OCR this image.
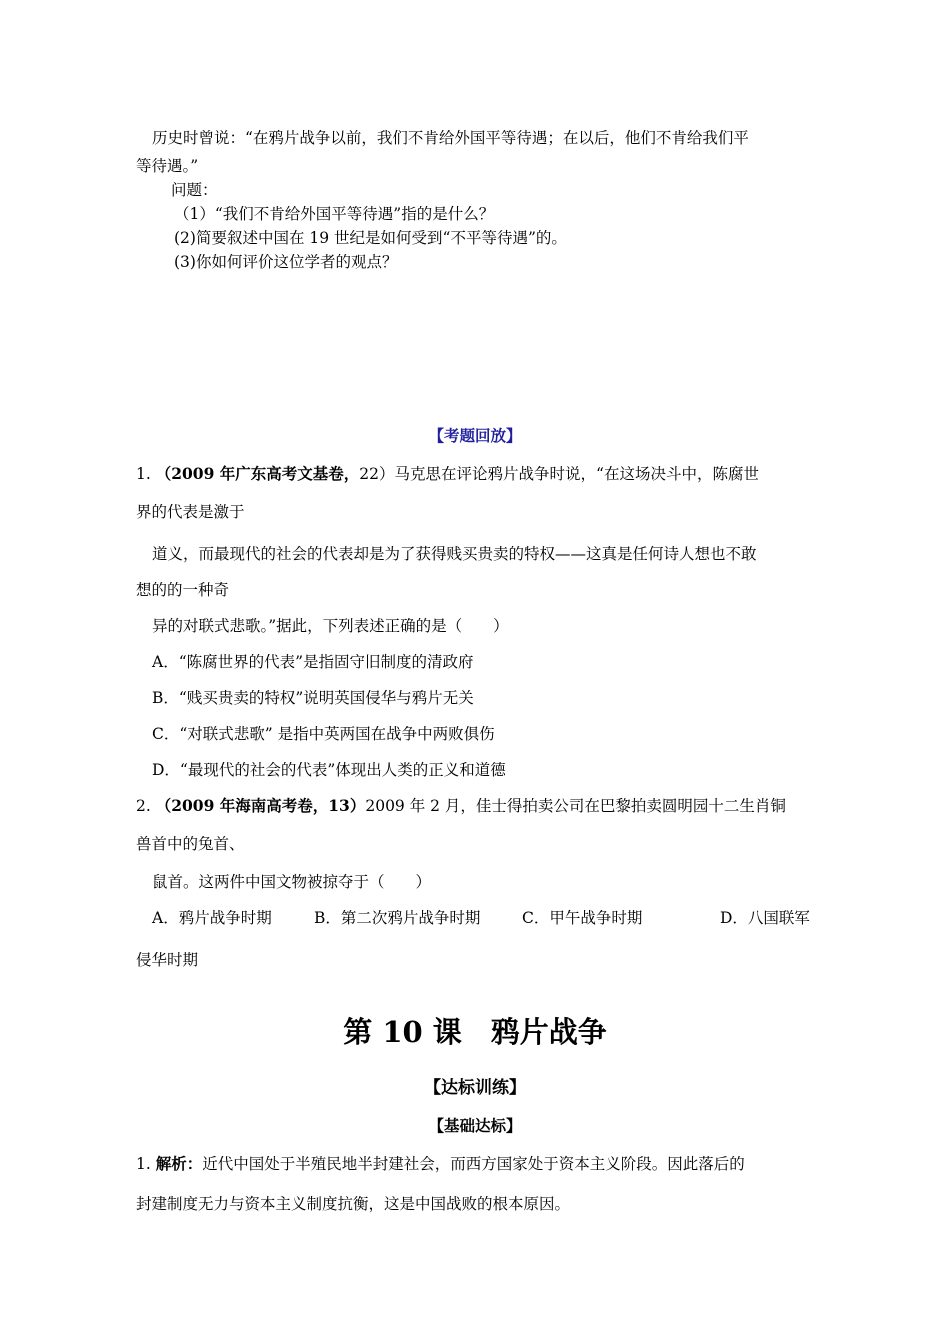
历史时曾说：“在鸦片战争以前，我们不肯给外国平等待遇；在以后，他们不肯给我们平
等待遇。”
问题：
（1）“我们不肯给外国平等待遇”指的是什么？
(2)简要叙述中国在 19 世纪是如何受到“不平等待遇”的。
(3)你如何评价这位学者的观点？
【考题回放】
1. （2009 年广东高考文基卷，22）马克思在评论鸦片战争时说，“在这场决斗中，陈腐世
界的代表是激于
道义，而最现代的社会的代表却是为了获得贱买贵卖的特权——这真是任何诗人想也不敢
想的的一种奇
异的对联式悲歌。”据此，下列表述正确的是（　　）
A．“陈腐世界的代表”是指固守旧制度的清政府
B．“贱买贵卖的特权”说明英国侵华与鸦片无关
C．“对联式悲歌” 是指中英两国在战争中两败俱伤
D．“最现代的社会的代表”体现出人类的正义和道德
2. （2009 年海南高考卷，13）2009 年 2 月，佳士得拍卖公司在巴黎拍卖圆明园十二生肖铜
兽首中的兔首、
鼠首。这两件中国文物被掠夺于（　　）
A．鸦片战争时期	B．第二次鸦片战争时期	C．甲午战争时期	D．八国联军
侵华时期
第 10 课　鸦片战争
【达标训练】
【基础达标】
1. 解析：近代中国处于半殖民地半封建社会，而西方国家处于资本主义阶段。因此落后的
封建制度无力与资本主义制度抗衡，这是中国战败的根本原因。
